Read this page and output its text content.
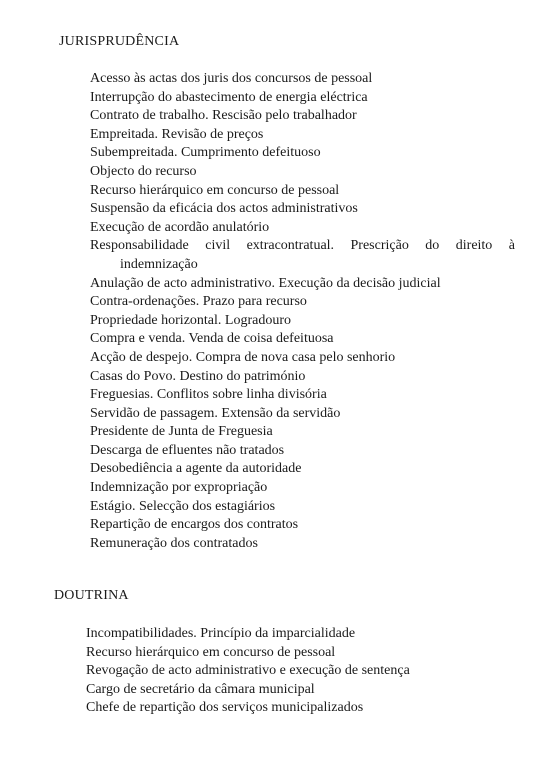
JURISPRUDÊNCIA
Acesso às actas dos juris dos concursos de pessoal
Interrupção do abastecimento de energia eléctrica
Contrato de trabalho. Rescisão pelo trabalhador
Empreitada. Revisão de preços
Subempreitada. Cumprimento defeituoso
Objecto do recurso
Recurso hierárquico em concurso de pessoal
Suspensão da eficácia dos actos administrativos
Execução de acordão anulatório
Responsabilidade civil extracontratual. Prescrição do direito à indemnização
Anulação de acto administrativo. Execução da decisão judicial
Contra-ordenações. Prazo para recurso
Propriedade horizontal. Logradouro
Compra e venda. Venda de coisa defeituosa
Acção de despejo. Compra de nova casa pelo senhorio
Casas do Povo. Destino do património
Freguesias. Conflitos sobre linha divisória
Servidão de passagem. Extensão da servidão
Presidente de Junta de Freguesia
Descarga de efluentes não tratados
Desobediência a agente da autoridade
Indemnização por expropriação
Estágio. Selecção dos estagiários
Repartição de encargos dos contratos
Remuneração dos contratados
DOUTRINA
Incompatibilidades. Princípio da imparcialidade
Recurso hierárquico em concurso de pessoal
Revogação de acto administrativo e execução de sentença
Cargo de secretário da câmara municipal
Chefe de repartição dos serviços municipalizados
